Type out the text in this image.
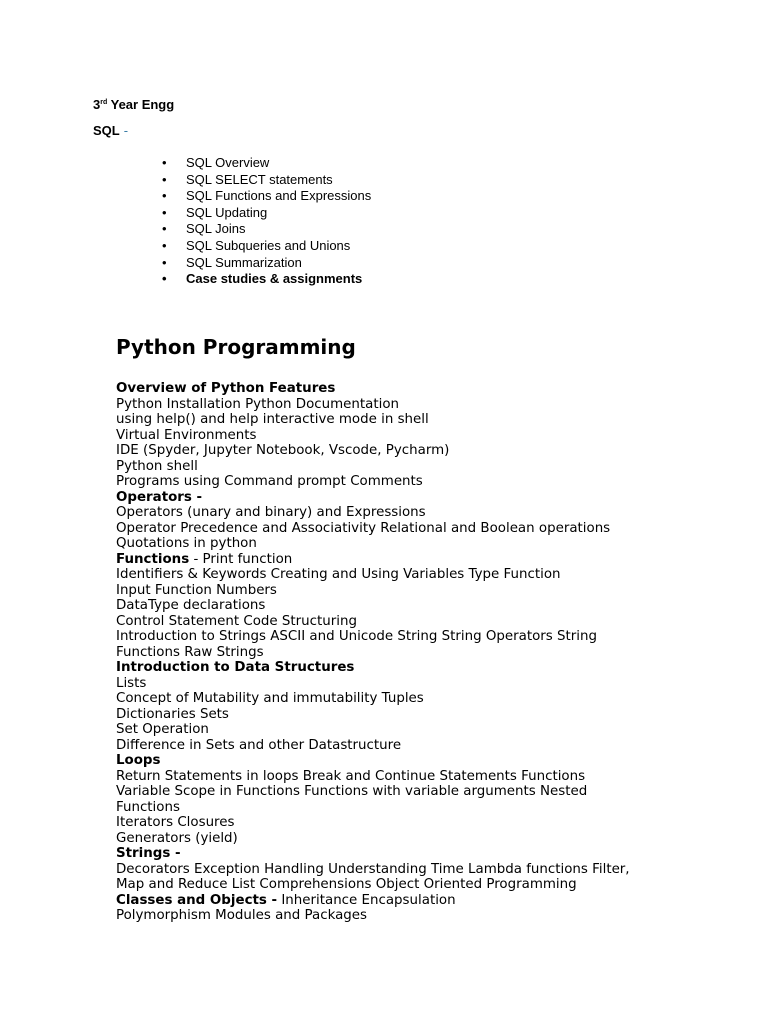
3rd Year Engg
SQL -
• SQL Overview
• SQL SELECT statements
• SQL Functions and Expressions
• SQL Updating
• SQL Joins
• SQL Subqueries and Unions
• SQL Summarization
• Case studies & assignments
Python Programming
Overview of Python Features
Python Installation Python Documentation
using help() and help interactive mode in shell
Virtual Environments
IDE (Spyder, Jupyter Notebook, Vscode, Pycharm)
Python shell
Programs using Command prompt Comments
Operators -
Operators (unary and binary) and Expressions
Operator Precedence and Associativity Relational and Boolean operations
Quotations in python
Functions - Print function
Identifiers & Keywords Creating and Using Variables Type Function
Input Function Numbers
DataType declarations
Control Statement Code Structuring
Introduction to Strings ASCII and Unicode String String Operators String
Functions Raw Strings
Introduction to Data Structures
Lists
Concept of Mutability and immutability Tuples
Dictionaries Sets
Set Operation
Difference in Sets and other Datastructure
Loops
Return Statements in loops Break and Continue Statements Functions
Variable Scope in Functions Functions with variable arguments Nested
Functions
Iterators Closures
Generators (yield)
Strings -
Decorators Exception Handling Understanding Time Lambda functions Filter,
Map and Reduce List Comprehensions Object Oriented Programming
Classes and Objects - Inheritance Encapsulation
Polymorphism Modules and Packages
